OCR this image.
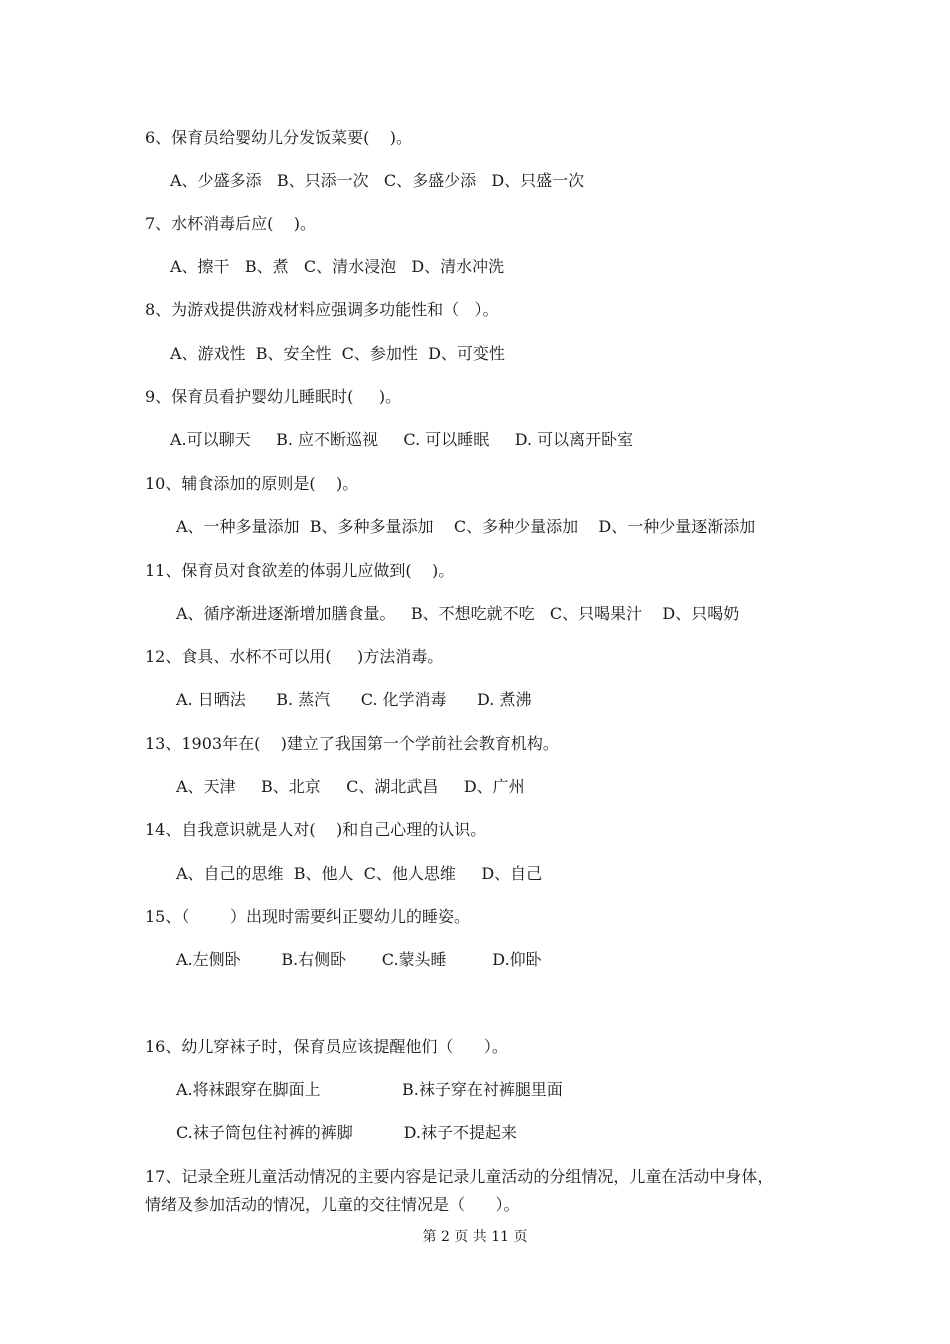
6、保育员给婴幼儿分发饭菜要(    )。
A、少盛多添   B、只添一次   C、多盛少添   D、只盛一次
7、水杯消毒后应(    )。
A、擦干   B、煮   C、清水浸泡   D、清水冲洗
8、为游戏提供游戏材料应强调多功能性和（   ）。
A、游戏性  B、安全性  C、参加性  D、可变性
9、保育员看护婴幼儿睡眠时(     )。
A.可以聊天     B. 应不断巡视     C. 可以睡眠     D. 可以离开卧室
10、辅食添加的原则是(    )。
A、一种多量添加  B、多种多量添加    C、多种少量添加    D、一种少量逐渐添加
11、保育员对食欲差的体弱儿应做到(    )。
A、循序渐进逐渐增加膳食量。   B、不想吃就不吃   C、只喝果汁    D、只喝奶
12、食具、水杯不可以用(     )方法消毒。
A. 日晒法      B. 蒸汽      C. 化学消毒      D. 煮沸
13、1903年在(    )建立了我国第一个学前社会教育机构。
A、天津     B、北京     C、湖北武昌     D、广州
14、自我意识就是人对(    )和自己心理的认识。
A、自己的思维  B、他人  C、他人思维     D、自己
15、（        ）出现时需要纠正婴幼儿的睡姿。
A.左侧卧        B.右侧卧       C.蒙头睡         D.仰卧
16、幼儿穿袜子时，保育员应该提醒他们（      ）。
A.将袜跟穿在脚面上                B.袜子穿在衬裤腿里面
C.袜子筒包住衬裤的裤脚          D.袜子不提起来
17、记录全班儿童活动情况的主要内容是记录儿童活动的分组情况，儿童在活动中身体，
情绪及参加活动的情况，儿童的交往情况是（      ）。
第 2 页 共 11 页
